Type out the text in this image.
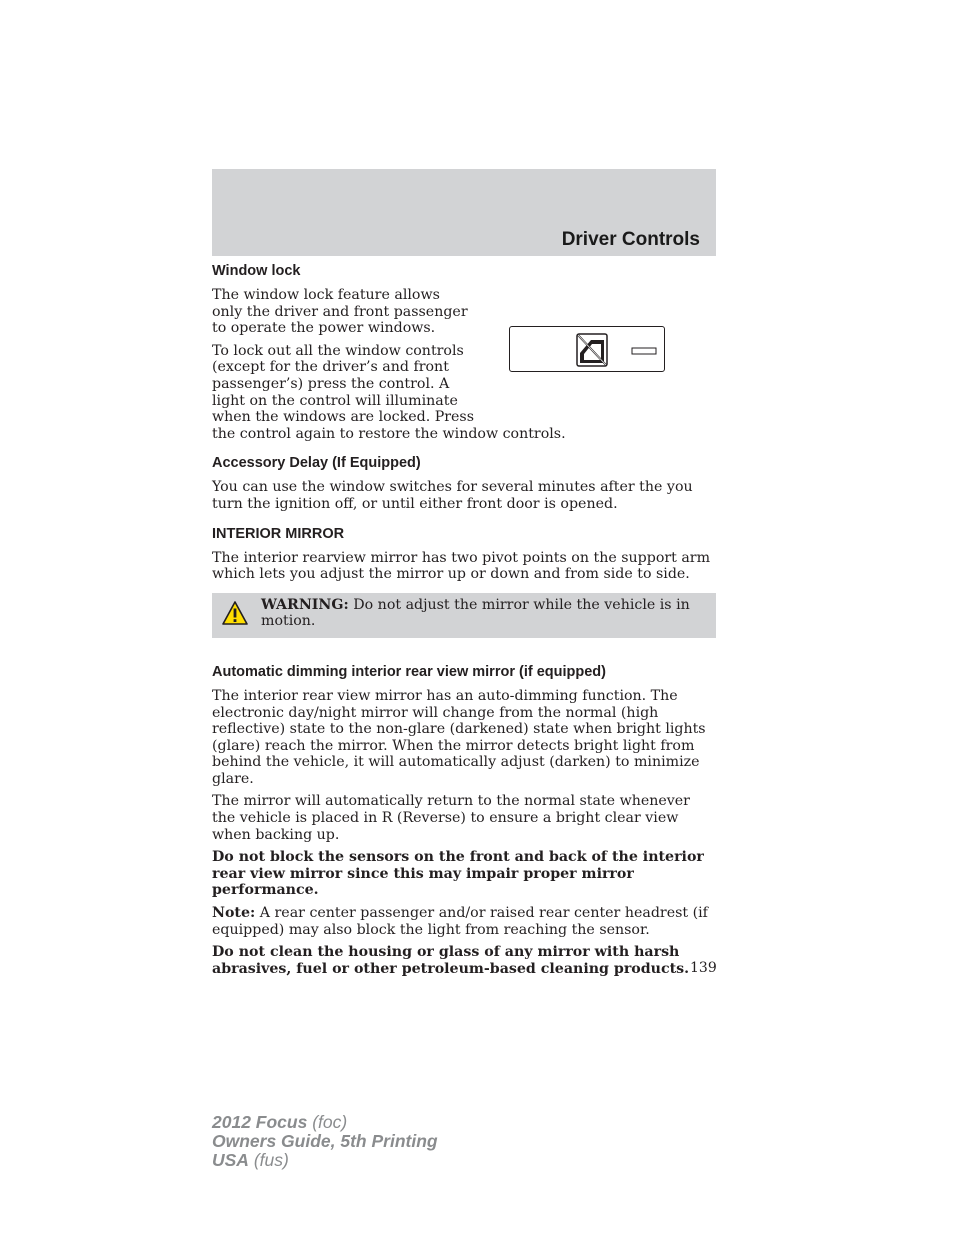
Driver Controls
Window lock

The window lock feature allows only the driver and front passenger to operate the power windows.

To lock out all the window controls (except for the driver’s and front passenger’s) press the control. A light on the control will illuminate when the windows are locked. Press

the control again to restore the window controls.

Accessory Delay (If Equipped)

You can use the window switches for several minutes after the you turn the ignition off, or until either front door is opened.

INTERIOR MIRROR

The interior rearview mirror has two pivot points on the support arm which lets you adjust the mirror up or down and from side to side.

WARNING: Do not adjust the mirror while the vehicle is in motion.
Automatic dimming interior rear view mirror (if equipped)

The interior rear view mirror has an auto-dimming function. The electronic day/night mirror will change from the normal (high reflective) state to the non-glare (darkened) state when bright lights (glare) reach the mirror. When the mirror detects bright light from behind the vehicle, it will automatically adjust (darken) to minimize glare.

The mirror will automatically return to the normal state whenever the vehicle is placed in R (Reverse) to ensure a bright clear view when backing up.

Do not block the sensors on the front and back of the interior rear view mirror since this may impair proper mirror performance.

Note: A rear center passenger and/or raised rear center headrest (if equipped) may also block the light from reaching the sensor.

Do not clean the housing or glass of any mirror with harsh abrasives, fuel or other petroleum-based cleaning products. 139
2012 Focus (foc)
Owners Guide, 5th Printing
USA (fus)
